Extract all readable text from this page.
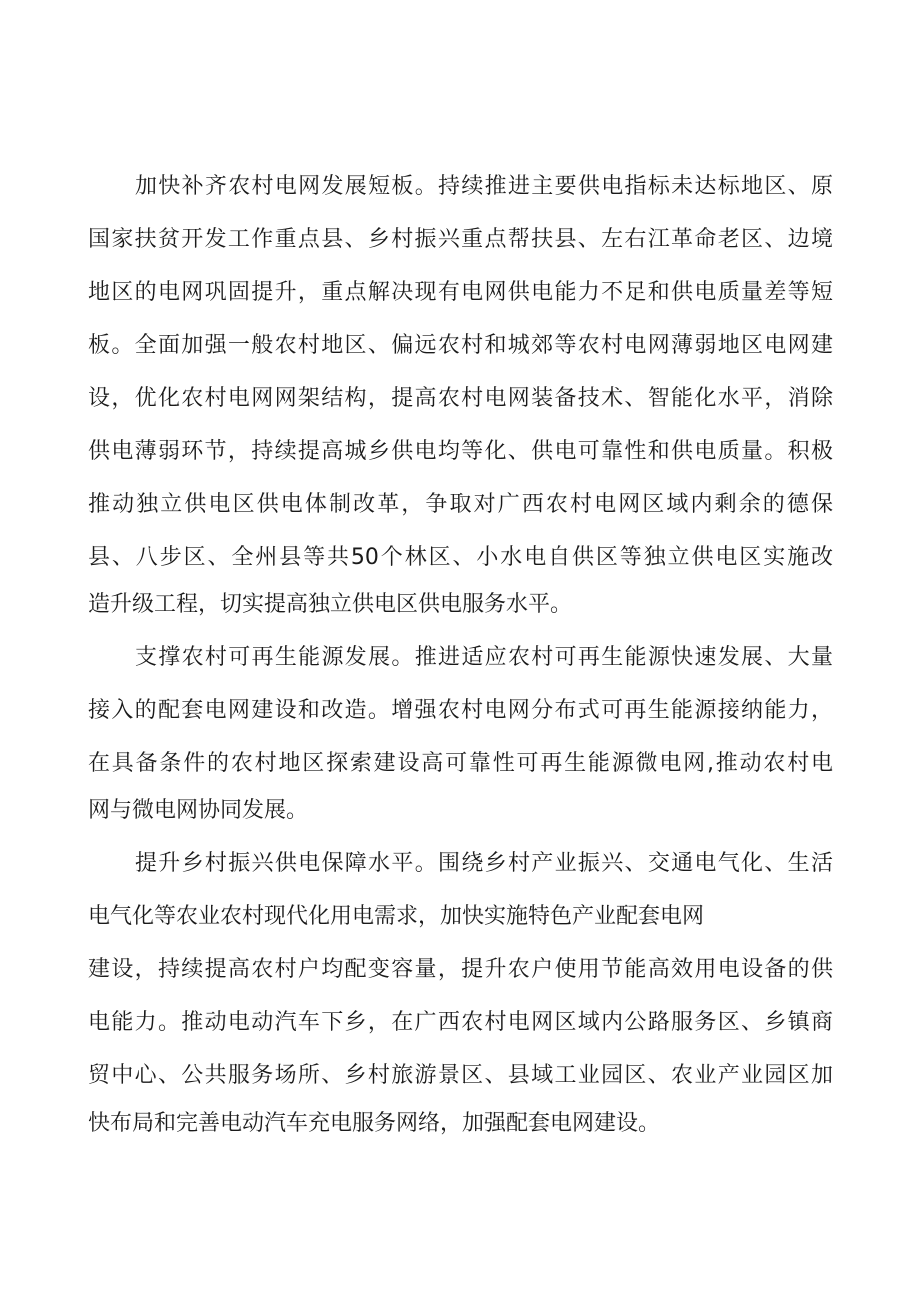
加快补齐农村电网发展短板。持续推进主要供电指标未达标地区、原
国家扶贫开发工作重点县、乡村振兴重点帮扶县、左右江革命老区、边境
地区的电网巩固提升，重点解决现有电网供电能力不足和供电质量差等短
板。全面加强一般农村地区、偏远农村和城郊等农村电网薄弱地区电网建
设，优化农村电网网架结构，提高农村电网装备技术、智能化水平，消除
供电薄弱环节，持续提高城乡供电均等化、供电可靠性和供电质量。积极
推动独立供电区供电体制改革，争取对广西农村电网区域内剩余的德保
县、八步区、全州县等共50个林区、小水电自供区等独立供电区实施改
造升级工程，切实提高独立供电区供电服务水平。
支撑农村可再生能源发展。推进适应农村可再生能源快速发展、大量
接入的配套电网建设和改造。增强农村电网分布式可再生能源接纳能力，
在具备条件的农村地区探索建设高可靠性可再生能源微电网,推动农村电
网与微电网协同发展。
提升乡村振兴供电保障水平。围绕乡村产业振兴、交通电气化、生活
电气化等农业农村现代化用电需求，加快实施特色产业配套电网
建设，持续提高农村户均配变容量，提升农户使用节能高效用电设备的供
电能力。推动电动汽车下乡，在广西农村电网区域内公路服务区、乡镇商
贸中心、公共服务场所、乡村旅游景区、县域工业园区、农业产业园区加
快布局和完善电动汽车充电服务网络，加强配套电网建设。
